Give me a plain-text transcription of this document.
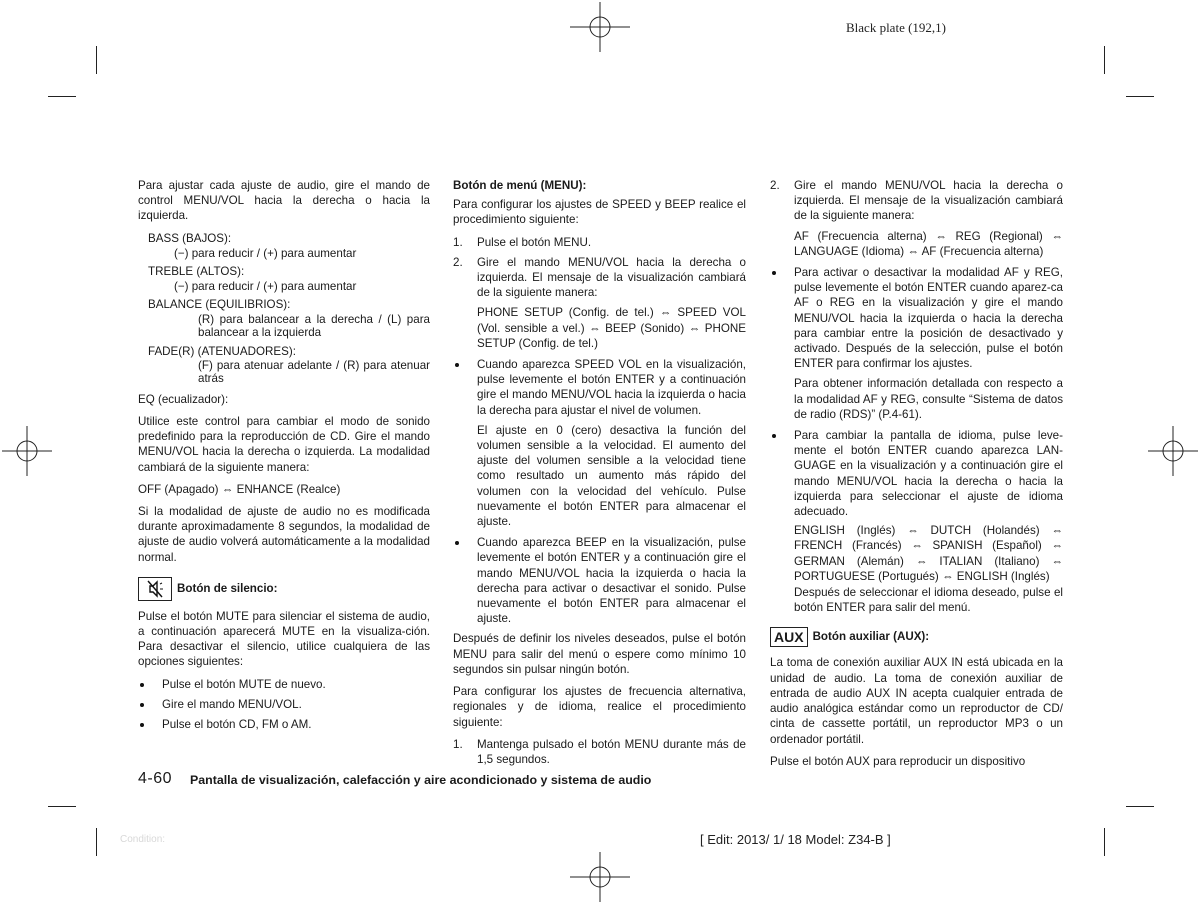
Black plate (192,1)

Para ajustar cada ajuste de audio, gire el mando de control MENU/VOL hacia la derecha o hacia la izquierda.

BASS (BAJOS):
(−) para reducir / (+) para aumentar
TREBLE (ALTOS):
(−) para reducir / (+) para aumentar
BALANCE (EQUILIBRIOS):
(R) para balancear a la derecha / (L) para balancear a la izquierda
FADE(R) (ATENUADORES):
(F) para atenuar adelante / (R) para atenuar atrás

EQ (ecualizador):

Utilice este control para cambiar el modo de sonido predefinido para la reproducción de CD. Gire el mando MENU/VOL hacia la derecha o izquierda. La modalidad cambiará de la siguiente manera:

OFF (Apagado) ⇔ ENHANCE (Realce)

Si la modalidad de ajuste de audio no es modificada durante aproximadamente 8 segundos, la modalidad de ajuste de audio volverá automáticamente a la modalidad normal.

Botón de silencio:

Pulse el botón MUTE para silenciar el sistema de audio, a continuación aparecerá MUTE en la visualiza-ción. Para desactivar el silencio, utilice cualquiera de las opciones siguientes:

Pulse el botón MUTE de nuevo.
Gire el mando MENU/VOL.
Pulse el botón CD, FM o AM.

Botón de menú (MENU):

Para configurar los ajustes de SPEED y BEEP realice el procedimiento siguiente:

1. Pulse el botón MENU.
2. Gire el mando MENU/VOL hacia la derecha o izquierda. El mensaje de la visualización cambiará de la siguiente manera:
PHONE SETUP (Config. de tel.) ⇔ SPEED VOL (Vol. sensible a vel.) ⇔ BEEP (Sonido) ⇔ PHONE SETUP (Config. de tel.)
Cuando aparezca SPEED VOL en la visualización, pulse levemente el botón ENTER y a continuación gire el mando MENU/VOL hacia la izquierda o hacia la derecha para ajustar el nivel de volumen.
El ajuste en 0 (cero) desactiva la función del volumen sensible a la velocidad. El aumento del ajuste del volumen sensible a la velocidad tiene como resultado un aumento más rápido del volumen con la velocidad del vehículo. Pulse nuevamente el botón ENTER para almacenar el ajuste.
Cuando aparezca BEEP en la visualización, pulse levemente el botón ENTER y a continuación gire el mando MENU/VOL hacia la izquierda o hacia la derecha para activar o desactivar el sonido. Pulse nuevamente el botón ENTER para almacenar el ajuste.

Después de definir los niveles deseados, pulse el botón MENU para salir del menú o espere como mínimo 10 segundos sin pulsar ningún botón.

Para configurar los ajustes de frecuencia alternativa, regionales y de idioma, realice el procedimiento siguiente:

1. Mantenga pulsado el botón MENU durante más de 1,5 segundos.
2. Gire el mando MENU/VOL hacia la derecha o izquierda. El mensaje de la visualización cambiará de la siguiente manera:
AF (Frecuencia alterna) ⇔ REG (Regional) ⇔ LANGUAGE (Idioma) ⇔ AF (Frecuencia alterna)
Para activar o desactivar la modalidad AF y REG, pulse levemente el botón ENTER cuando aparez-ca AF o REG en la visualización y gire el mando MENU/VOL hacia la izquierda o hacia la derecha para cambiar entre la posición de desactivado y activado. Después de la selección, pulse el botón ENTER para confirmar los ajustes.
Para obtener información detallada con respecto a la modalidad AF y REG, consulte “Sistema de datos de radio (RDS)” (P.4-61).
Para cambiar la pantalla de idioma, pulse leve-mente el botón ENTER cuando aparezca LAN-GUAGE en la visualización y a continuación gire el mando MENU/VOL hacia la derecha o hacia la izquierda para seleccionar el ajuste de idioma adecuado.
ENGLISH (Inglés) ⇔ DUTCH (Holandés) ⇔ FRENCH (Francés) ⇔ SPANISH (Español) ⇔ GERMAN (Alemán) ⇔ ITALIAN (Italiano) ⇔ PORTUGUESE (Portugués) ⇔ ENGLISH (Inglés)
Después de seleccionar el idioma deseado, pulse el botón ENTER para salir del menú.
AUX Botón auxiliar (AUX):

La toma de conexión auxiliar AUX IN está ubicada en la unidad de audio. La toma de conexión auxiliar de entrada de audio AUX IN acepta cualquier entrada de audio analógica estándar como un reproductor de CD/ cinta de cassette portátil, un reproductor MP3 o un ordenador portátil.

Pulse el botón AUX para reproducir un dispositivo

4-60 Pantalla de visualización, calefacción y aire acondicionado y sistema de audio
Condition:	[ Edit: 2013/ 1/ 18 Model: Z34-B ]
